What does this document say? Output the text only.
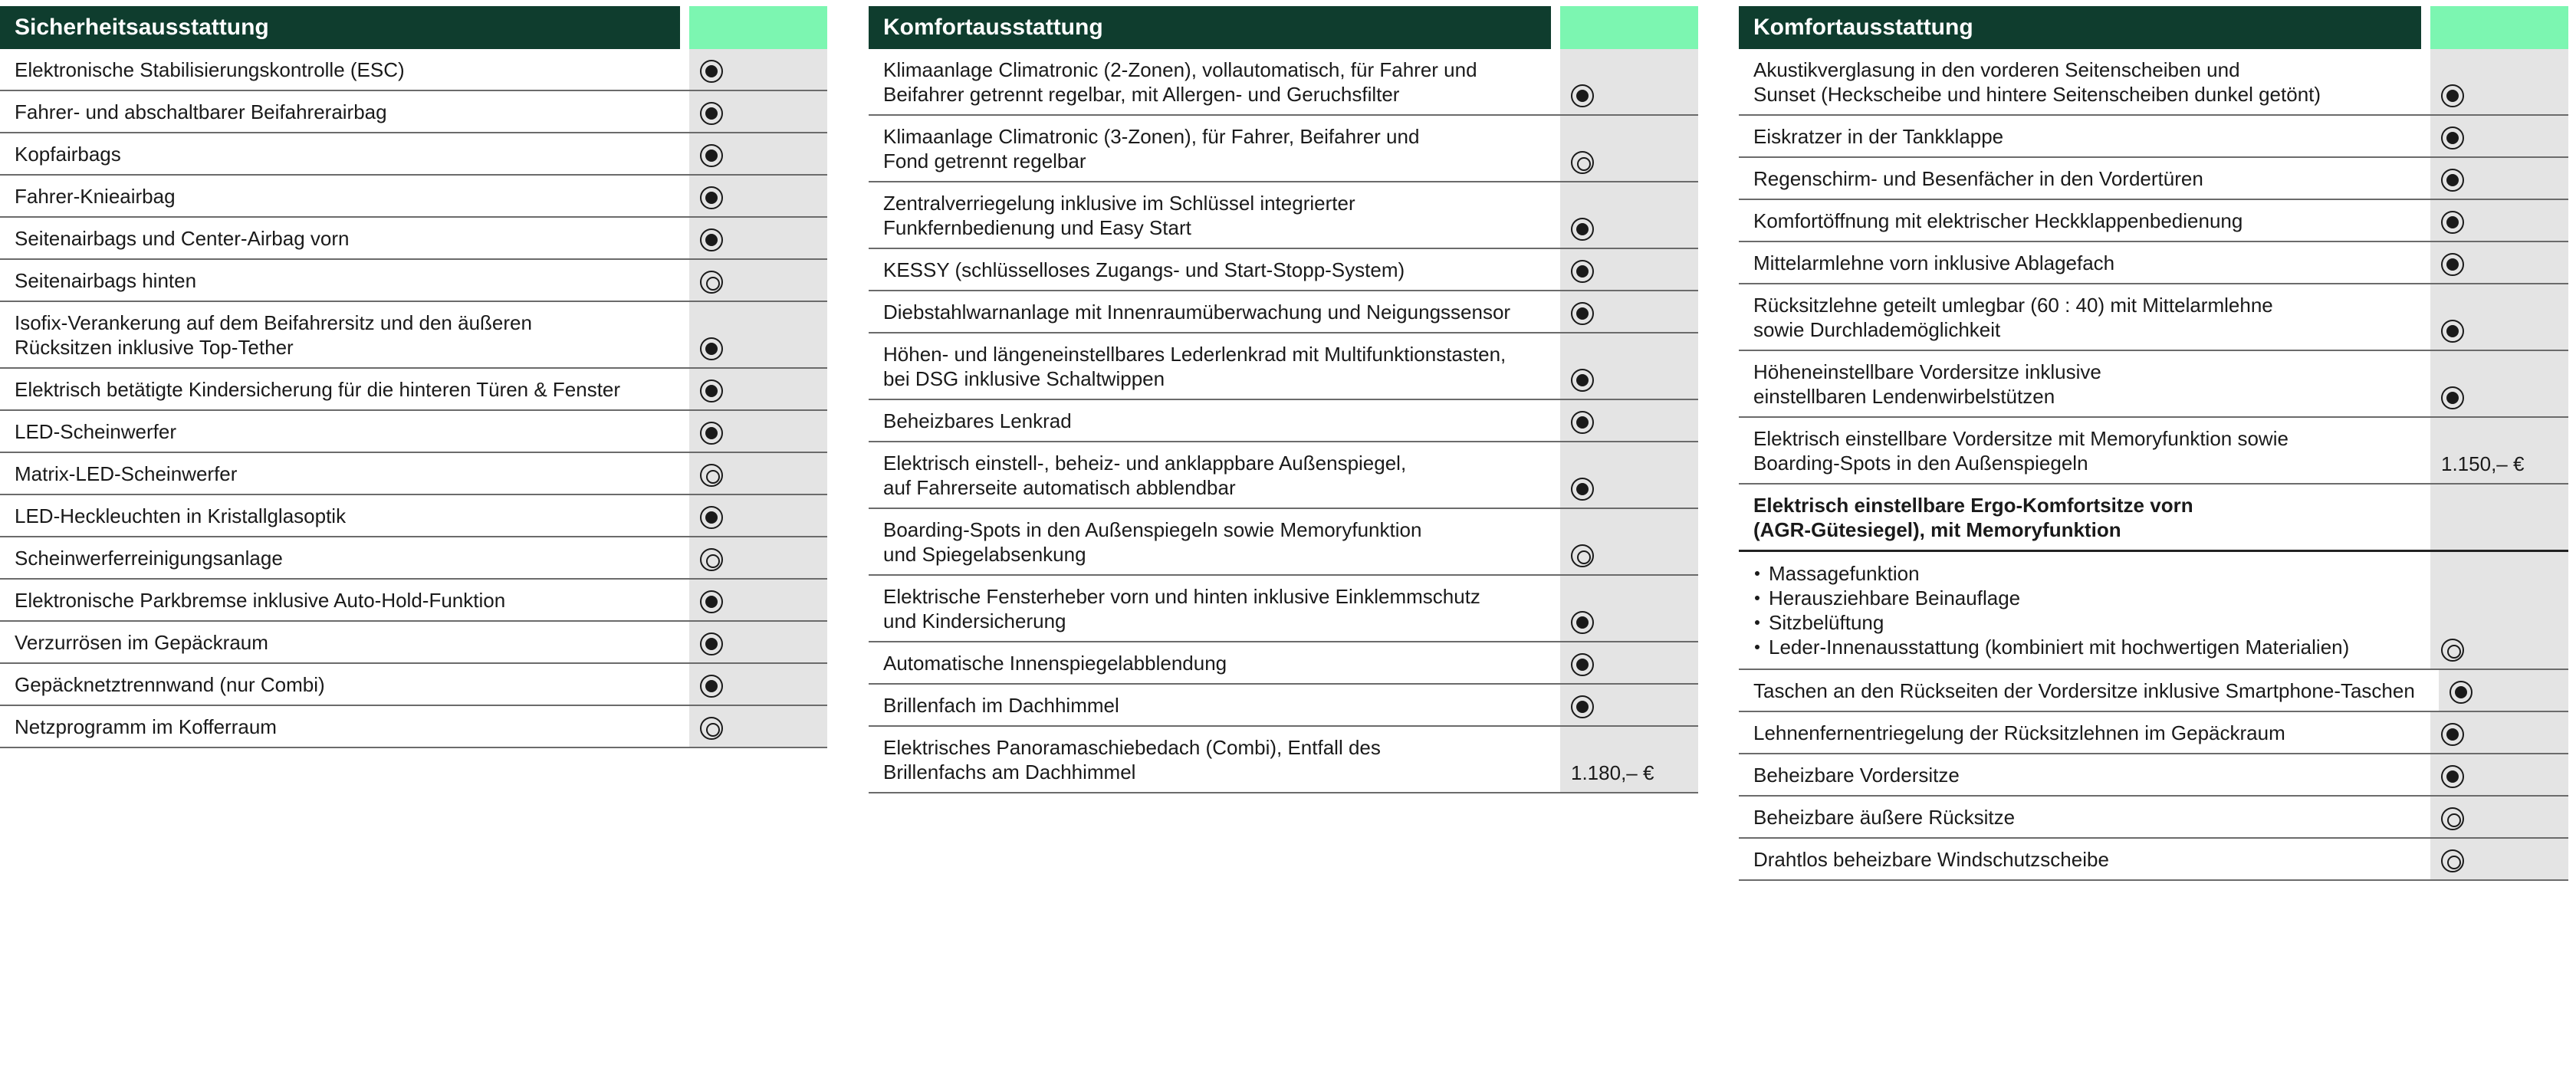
Sicherheitsausstattung
Elektronische Stabilisierungskontrolle (ESC)
Fahrer- und abschaltbarer Beifahrerairbag
Kopfairbags
Fahrer-Knieairbag
Seitenairbags und Center-Airbag vorn
Seitenairbags hinten
Isofix-Verankerung auf dem Beifahrersitz und den äußeren
Rücksitzen inklusive Top-Tether
Elektrisch betätigte Kindersicherung für die hinteren Türen & Fenster
LED-Scheinwerfer
Matrix-LED-Scheinwerfer
LED-Heckleuchten in Kristallglasoptik
Scheinwerferreinigungsanlage
Elektronische Parkbremse inklusive Auto-Hold-Funktion
Verzurrösen im Gepäckraum
Gepäcknetztrennwand (nur Combi)
Netzprogramm im Kofferraum
Komfortausstattung
Klimaanlage Climatronic (2-Zonen), vollautomatisch, für Fahrer und
Beifahrer getrennt regelbar, mit Allergen- und Geruchsfilter
Klimaanlage Climatronic (3-Zonen), für Fahrer, Beifahrer und
Fond getrennt regelbar
Zentralverriegelung inklusive im Schlüssel integrierter
Funkfernbedienung und Easy Start
KESSY (schlüsselloses Zugangs- und Start-Stopp-System)
Diebstahlwarnanlage mit Innenraumüberwachung und Neigungssensor
Höhen- und längeneinstellbares Lederlenkrad mit Multifunktionstasten,
bei DSG inklusive Schaltwippen
Beheizbares Lenkrad
Elektrisch einstell-, beheiz- und anklappbare Außenspiegel,
auf Fahrerseite automatisch abblendbar
Boarding-Spots in den Außenspiegeln sowie Memoryfunktion
und Spiegelabsenkung
Elektrische Fensterheber vorn und hinten inklusive Einklemmschutz
und Kindersicherung
Automatische Innenspiegelabblendung
Brillenfach im Dachhimmel
Elektrisches Panoramaschiebedach (Combi), Entfall des
Brillenfachs am Dachhimmel	1.180,– €
Komfortausstattung
Akustikverglasung in den vorderen Seitenscheiben und
Sunset (Heckscheibe und hintere Seitenscheiben dunkel getönt)
Eiskratzer in der Tankklappe
Regenschirm- und Besenfächer in den Vordertüren
Komfortöffnung mit elektrischer Heckklappenbedienung
Mittelarmlehne vorn inklusive Ablagefach
Rücksitzlehne geteilt umlegbar (60 : 40) mit Mittelarmlehne
sowie Durchlademöglichkeit
Höheneinstellbare Vordersitze inklusive
einstellbaren Lendenwirbelstützen
Elektrisch einstellbare Vordersitze mit Memoryfunktion sowie
Boarding-Spots in den Außenspiegeln	1.150,– €
Elektrisch einstellbare Ergo-Komfortsitze vorn
(AGR-Gütesiegel), mit Memoryfunktion
Massagefunktion
Herausziehbare Beinauflage
Sitzbelüftung
Leder-Innenausstattung (kombiniert mit hochwertigen Materialien)
Taschen an den Rückseiten der Vordersitze inklusive Smartphone-Taschen
Lehnenfernentriegelung der Rücksitzlehnen im Gepäckraum
Beheizbare Vordersitze
Beheizbare äußere Rücksitze
Drahtlos beheizbare Windschutzscheibe
